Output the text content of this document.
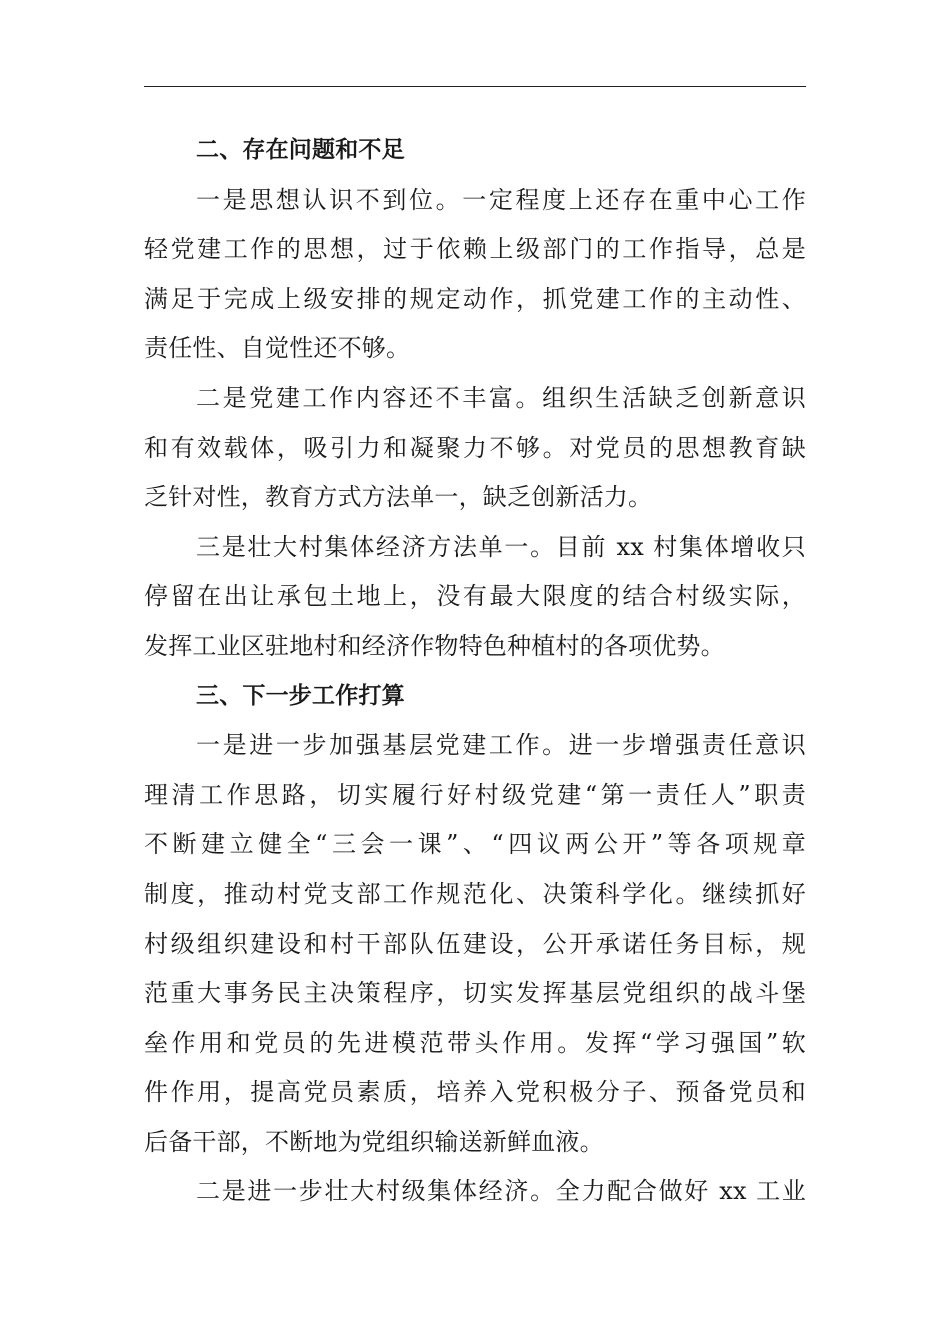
二、存在问题和不足
一是思想认识不到位。一定程度上还存在重中心工作
轻党建工作的思想，过于依赖上级部门的工作指导，总是
满足于完成上级安排的规定动作，抓党建工作的主动性、
责任性、自觉性还不够。
二是党建工作内容还不丰富。组织生活缺乏创新意识
和有效载体，吸引力和凝聚力不够。对党员的思想教育缺
乏针对性，教育方式方法单一，缺乏创新活力。
三是壮大村集体经济方法单一。目前 xx 村集体增收只
停留在出让承包土地上，没有最大限度的结合村级实际，
发挥工业区驻地村和经济作物特色种植村的各项优势。
三、下一步工作打算
一是进一步加强基层党建工作。进一步增强责任意识
理清工作思路，切实履行好村级党建“第一责任人”职责
不断建立健全“三会一课”、“四议两公开”等各项规章
制度，推动村党支部工作规范化、决策科学化。继续抓好
村级组织建设和村干部队伍建设，公开承诺任务目标，规
范重大事务民主决策程序，切实发挥基层党组织的战斗堡
垒作用和党员的先进模范带头作用。发挥“学习强国”软
件作用，提高党员素质，培养入党积极分子、预备党员和
后备干部，不断地为党组织输送新鲜血液。
二是进一步壮大村级集体经济。全力配合做好 xx 工业
